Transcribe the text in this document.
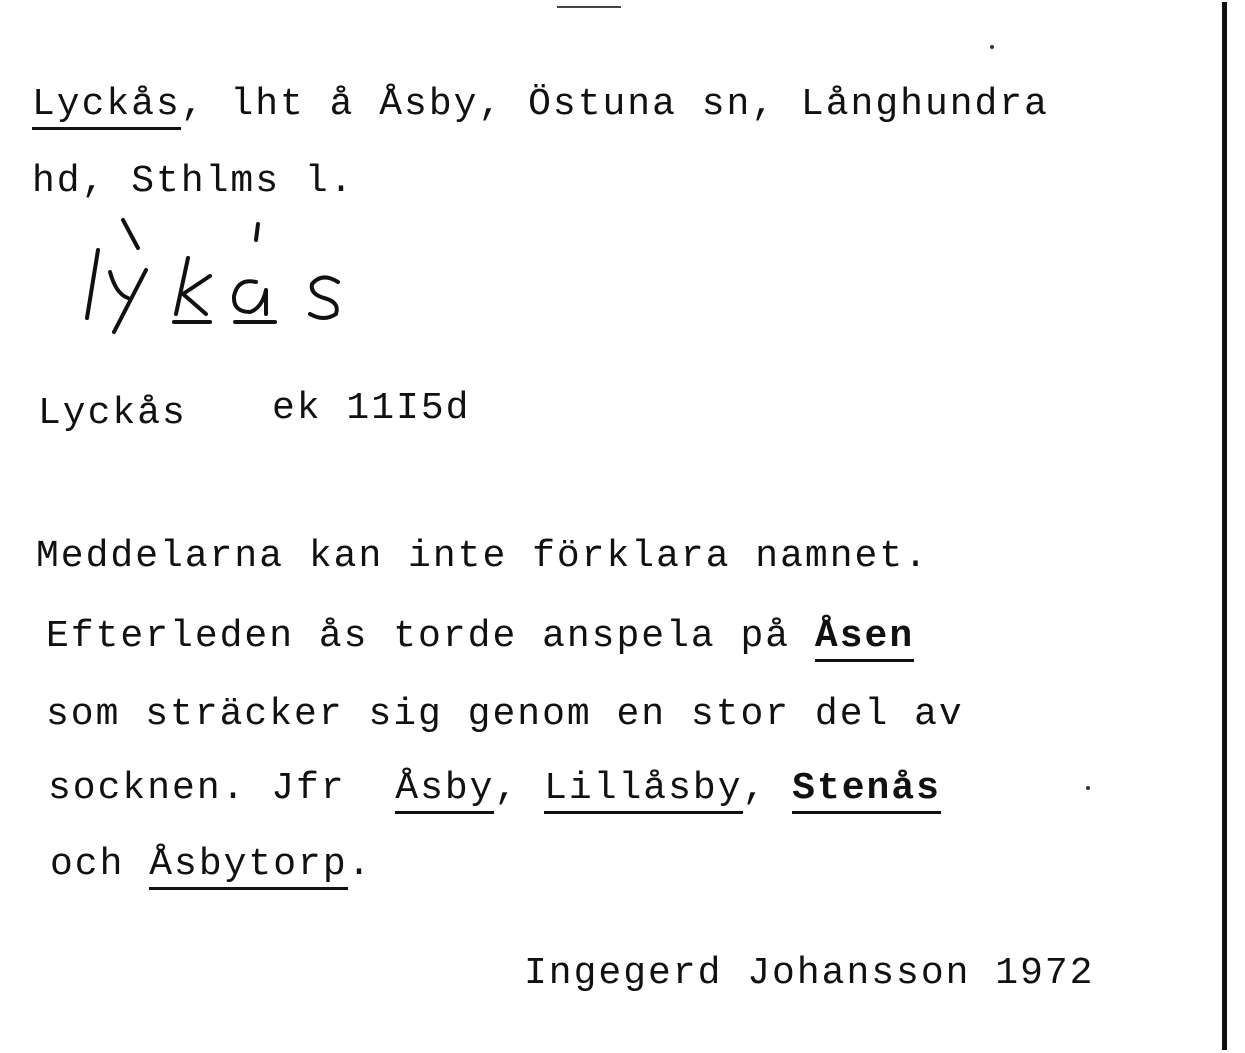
Lyckås, lht å Åsby, Östuna sn, Långhundra
hd, Sthlms l.
Lyckås ek 11I5d
Meddelarna kan inte förklara namnet.
Efterleden ås torde anspela på Åsen
som sträcker sig genom en stor del av
socknen. Jfr  Åsby, Lillåsby, Stenås
och Åsbytorp.
Ingegerd Johansson 1972
